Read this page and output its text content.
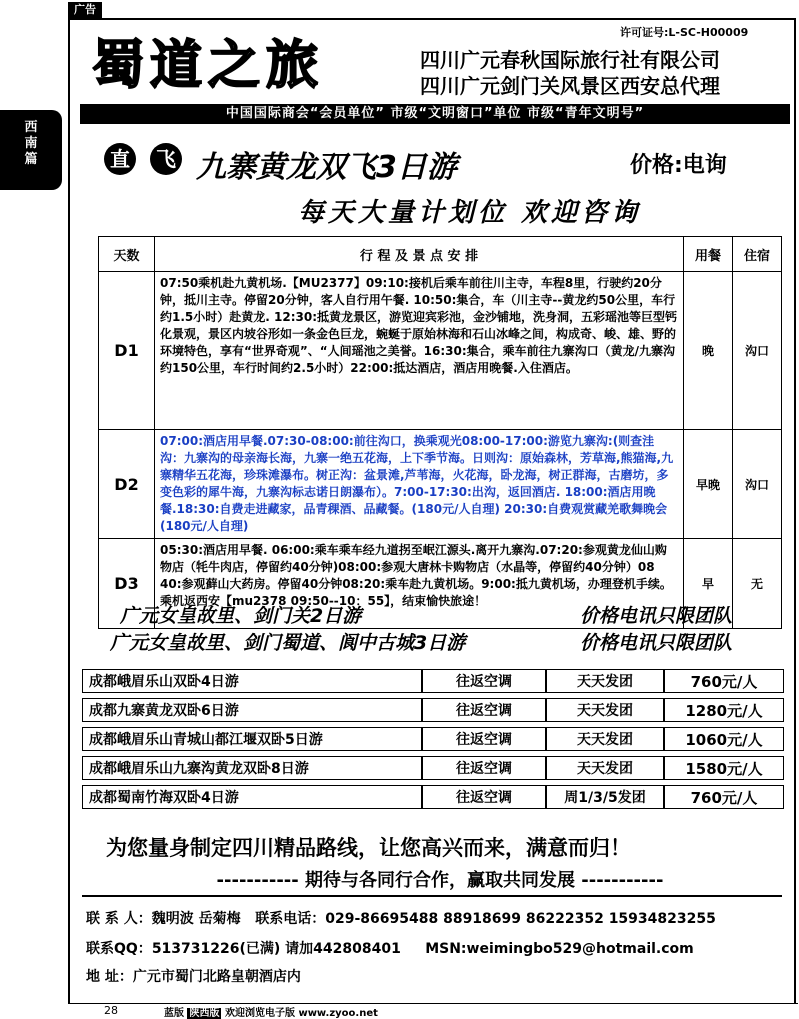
广告
西
南
篇
许可证号:L-SC-H00009
蜀道之旅	四川广元春秋国际旅行社有限公司
四川广元剑门关风景区西安总代理
中国国际商会“会员单位” 市级“文明窗口”单位 市级“青年文明号”
直	飞 九寨黄龙双飞3日游	价格:电询
每天大量计划位 欢迎咨询
天数	行 程 及 景 点 安 排	用餐	住宿
D1	07:50乘机赴九黄机场.【MU2377】09:10:接机后乘车前往川主寺，车程8里，行驶约20分钟，抵川主寺。停留20分钟，客人自行用午餐. 10:50:集合，车（川主寺--黄龙约50公里，车行约1.5小时）赴黄龙. 12:30:抵黄龙景区，游览迎宾彩池，金沙铺地，洗身洞，五彩瑶池等巨型钙化景观，景区内坡谷形如一条金色巨龙，蜿蜒于原始林海和石山冰峰之间，构成奇、峻、雄、野的环境特色，享有“世界奇观”、“人间瑶池之美誉。16:30:集合，乘车前往九寨沟口（黄龙/九寨沟约150公里，车行时间约2.5小时）22:00:抵达酒店，酒店用晚餐.入住酒店。	晚	沟口
D2	07:00:酒店用早餐.07:30-08:00:前往沟口，换乘观光08:00-17:00:游览九寨沟:(则查洼沟：九寨沟的母亲海长海，九寨一绝五花海，上下季节海。日则沟：原始森林，芳草海,熊猫海,九寨精华五花海，珍珠滩瀑布。树正沟：盆景滩,芦苇海，火花海，卧龙海，树正群海，古磨坊，多变色彩的犀牛海，九寨沟标志诺日朗瀑布）。7:00-17:30:出沟，返回酒店. 18:00:酒店用晚餐.18:30:自费走进藏家，品青稞酒、品藏餐。(180元/人自理) 20:30:自费观赏藏羌歌舞晚会(180元/人自理)	早晚	沟口
D3	05:30:酒店用早餐. 06:00:乘车乘车经九道拐至岷江源头.离开九寨沟.07:20:参观黄龙仙山购物店（牦牛肉店，停留约40分钟)08:00:参观大唐林卡购物店（水晶等，停留约40分钟）08 40:参观藓山大药房。停留40分钟08:20:乘车赴九黄机场。9:00:抵九黄机场，办理登机手续。乘机返西安【mu2378 09:50--10：55】，结束愉快旅途！	早	无
广元女皇故里、剑门关2日游	价格电讯只限团队
广元女皇故里、剑门蜀道、阆中古城3日游	价格电讯只限团队
成都峨眉乐山双卧4日游	往返空调	天天发团	760元/人
成都九寨黄龙双卧6日游	往返空调	天天发团	1280元/人
成都峨眉乐山青城山都江堰双卧5日游	往返空调	天天发团	1060元/人
成都峨眉乐山九寨沟黄龙双卧8日游	往返空调	天天发团	1580元/人
成都蜀南竹海双卧4日游	往返空调	周1/3/5发团	760元/人
为您量身制定四川精品路线，让您高兴而来，满意而归！
----------- 期待与各同行合作，赢取共同发展 -----------
联 系 人：魏明波 岳菊梅 联系电话：029-86695488 88918699 86222352 15934823255
联系QQ：513731226(已满) 请加442808401 MSN:weimingbo529@hotmail.com
地 址：广元市蜀门北路皇朝酒店内
28	蓝版 陕西版 欢迎浏览电子版 www.zyoo.net
